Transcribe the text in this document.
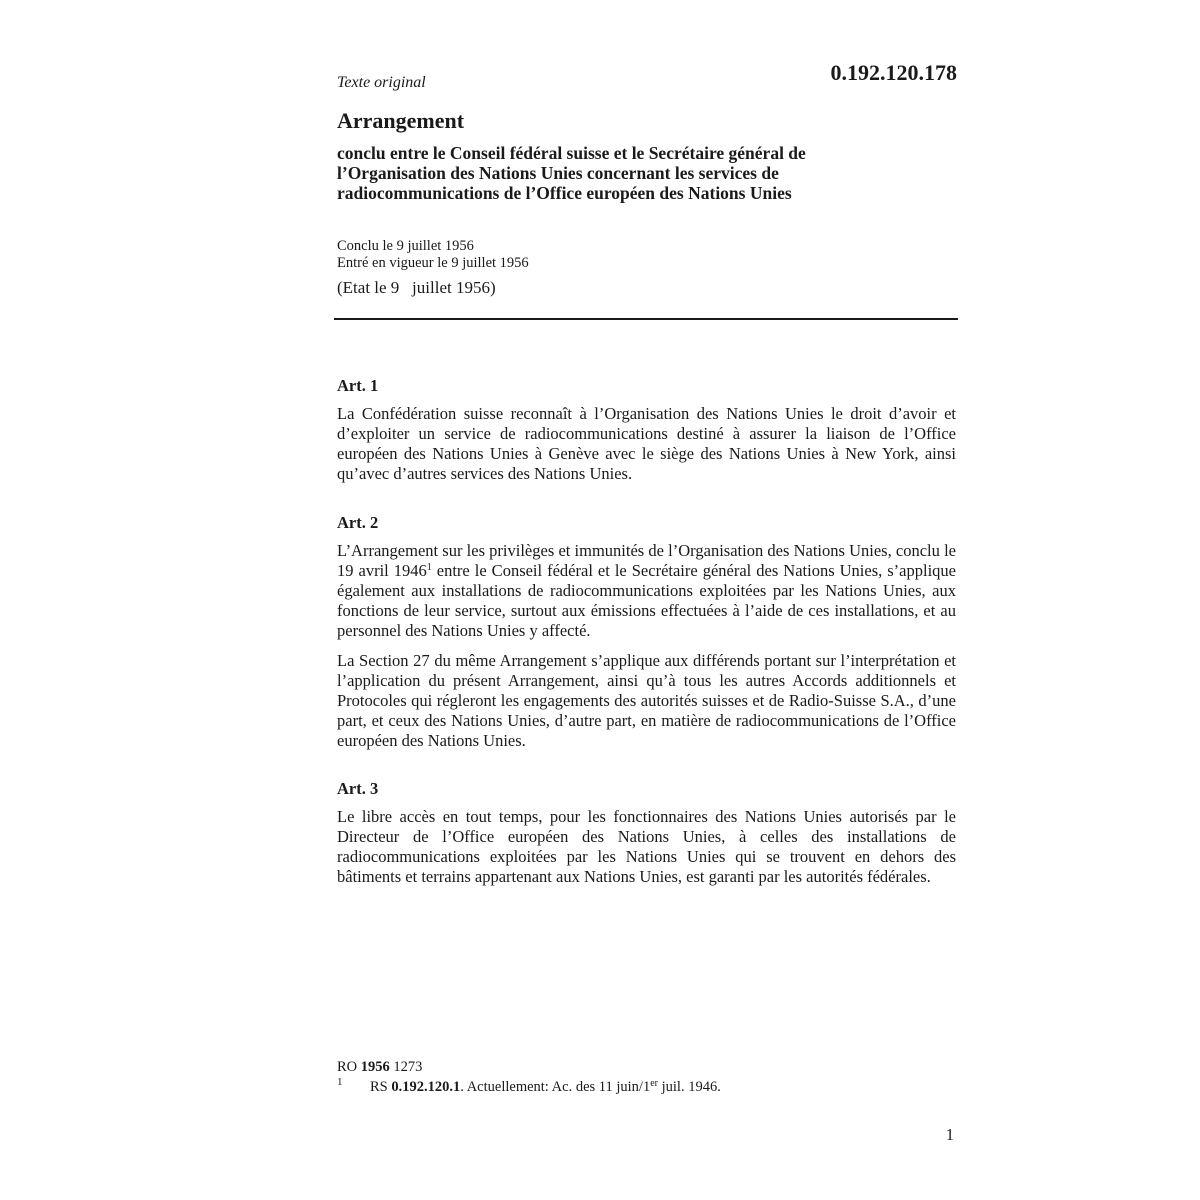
Texte original	0.192.120.178
Arrangement
conclu entre le Conseil fédéral suisse et le Secrétaire général de l’Organisation des Nations Unies concernant les services de radiocommunications de l’Office européen des Nations Unies
Conclu le 9 juillet 1956
Entré en vigueur le 9 juillet 1956
(Etat le 9   juillet 1956)
Art. 1

La Confédération suisse reconnaît à l’Organisation des Nations Unies le droit d’avoir et d’exploiter un service de radiocommunications destiné à assurer la liaison de l’Office européen des Nations Unies à Genève avec le siège des Nations Unies à New York, ainsi qu’avec d’autres services des Nations Unies.

Art. 2

L’Arrangement sur les privilèges et immunités de l’Organisation des Nations Unies, conclu le 19 avril 1946$^1$ entre le Conseil fédéral et le Secrétaire général des Nations Unies, s’applique également aux installations de radiocommunications exploitées par les Nations Unies, aux fonctions de leur service, surtout aux émissions effectuées à l’aide de ces installations, et au personnel des Nations Unies y affecté.

La Section 27 du même Arrangement s’applique aux différends portant sur l’interprétation et l’application du présent Arrangement, ainsi qu’à tous les autres Accords additionnels et Protocoles qui régleront les engagements des autorités suisses et de Radio-Suisse S.A., d’une part, et ceux des Nations Unies, d’autre part, en matière de radiocommunications de l’Office européen des Nations Unies.

Art. 3

Le libre accès en tout temps, pour les fonctionnaires des Nations Unies autorisés par le Directeur de l’Office européen des Nations Unies, à celles des installations de radiocommunications exploitées par les Nations Unies qui se trouvent en dehors des bâtiments et terrains appartenant aux Nations Unies, est garanti par les autorités fédérales.

RO 1956 1273
1 RS 0.192.120.1. Actuellement: Ac. des 11 juin/1er juil. 1946.
1
